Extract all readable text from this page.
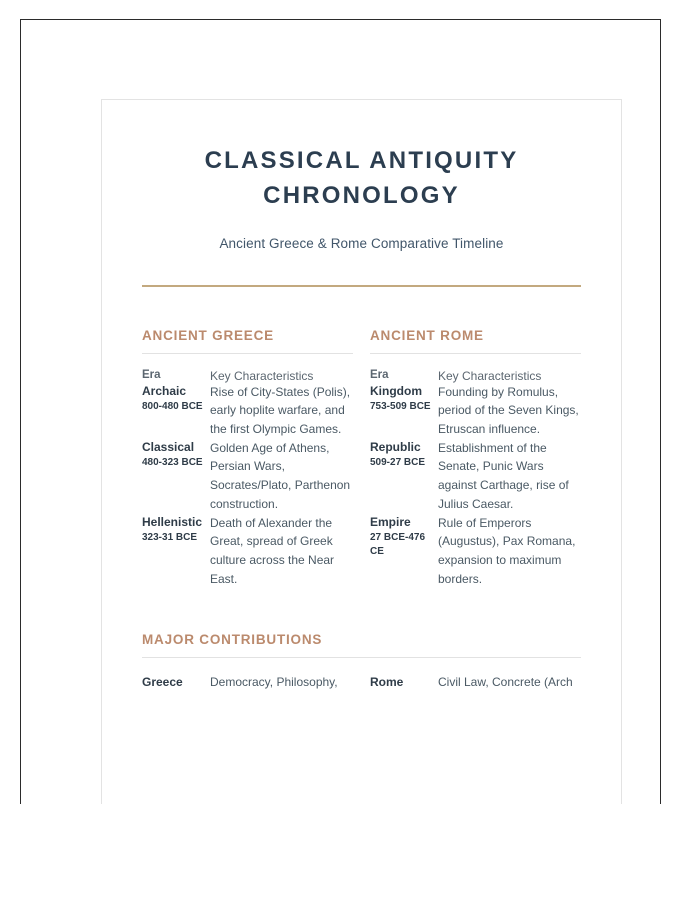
CLASSICAL ANTIQUITY
CHRONOLOGY

Ancient Greece & Rome Comparative Timeline

ANCIENT GREECE
Era	Key Characteristics

Archaic
800-480 BCE	Rise of City-States (Polis), early hoplite warfare, and the first Olympic Games.

Classical
480-323 BCE	Golden Age of Athens, Persian Wars, Socrates/Plato, Parthenon construction.

Hellenistic
323-31 BCE	Death of Alexander the Great, spread of Greek culture across the Near East.
ANCIENT ROME
Era	Key Characteristics

Kingdom
753-509 BCE	Founding by Romulus, period of the Seven Kings, Etruscan influence.

Republic
509-27 BCE	Establishment of the Senate, Punic Wars against Carthage, rise of Julius Caesar.

Empire
27 BCE-476 CE	Rule of Emperors (Augustus), Pax Romana, expansion to maximum borders.
MAJOR CONTRIBUTIONS
Greece	Democracy, Philosophy,	Rome	Civil Law, Concrete (Arch
